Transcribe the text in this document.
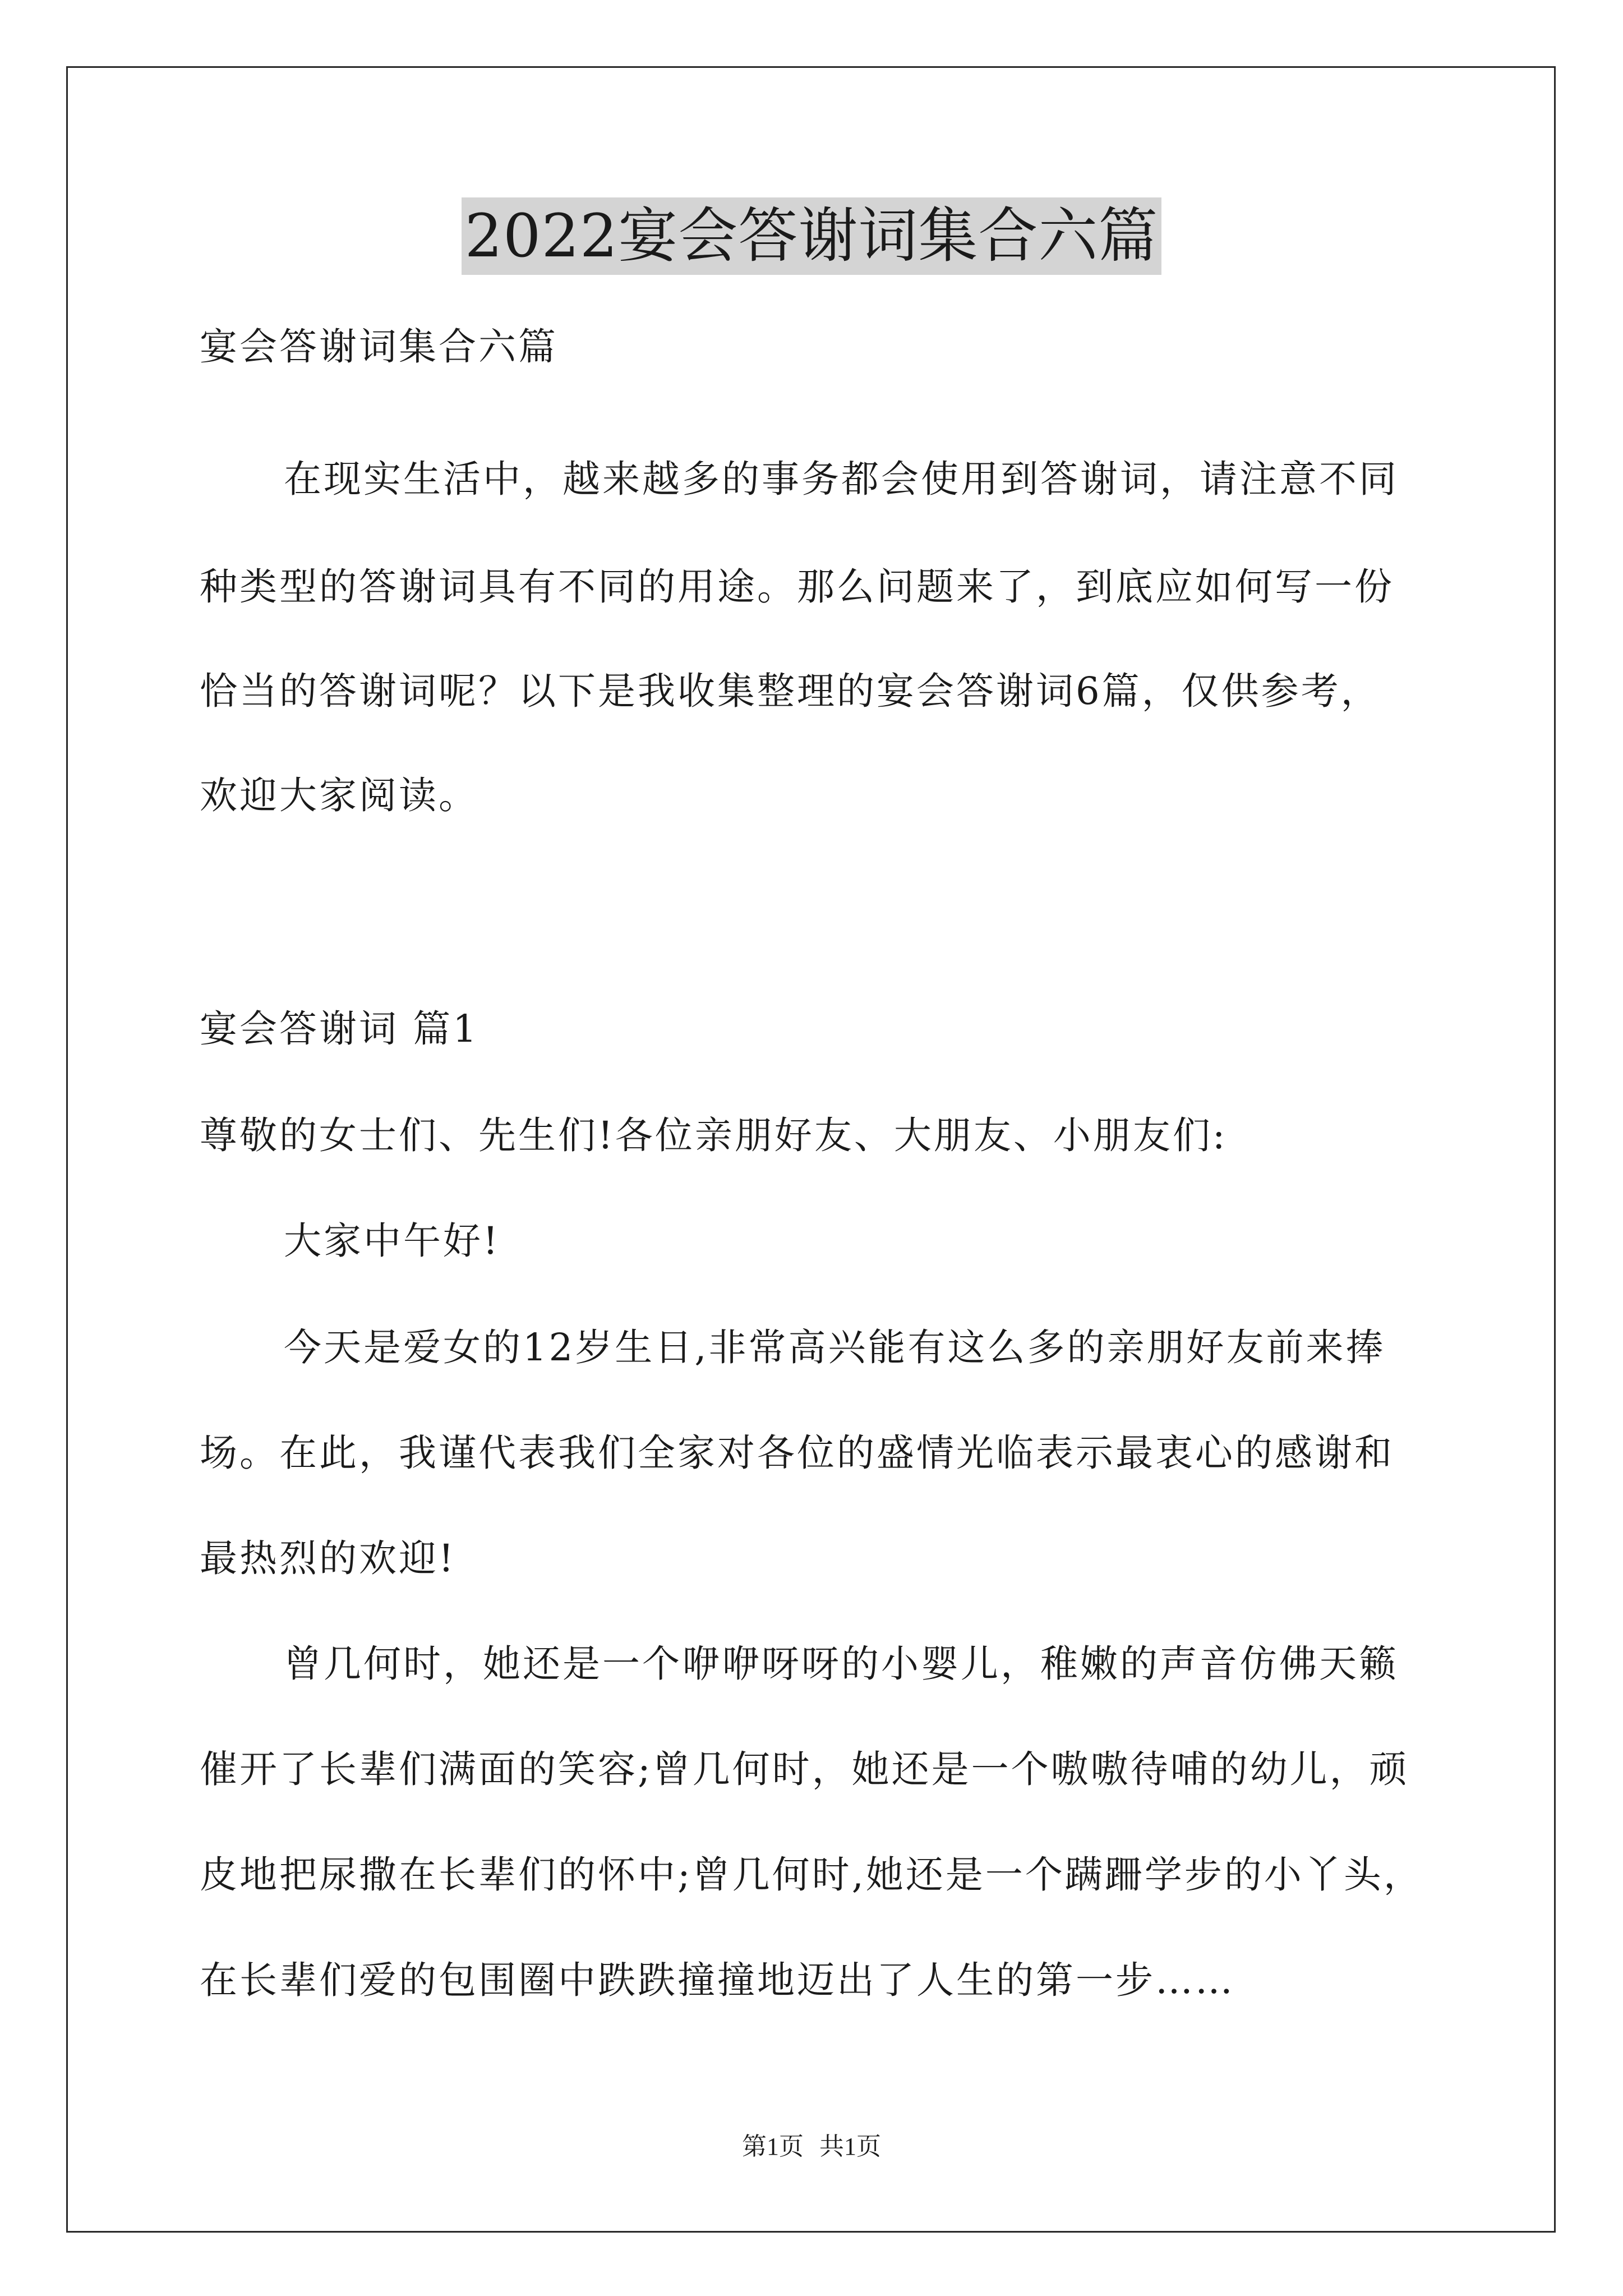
2022宴会答谢词集合六篇

宴会答谢词集合六篇

在现实生活中，越来越多的事务都会使用到答谢词，请注意不同

种类型的答谢词具有不同的用途。那么问题来了，到底应如何写一份

恰当的答谢词呢？以下是我收集整理的宴会答谢词6篇，仅供参考，

欢迎大家阅读。

宴会答谢词 篇1

尊敬的女士们、先生们!各位亲朋好友、大朋友、小朋友们:

大家中午好!

今天是爱女的12岁生日,非常高兴能有这么多的亲朋好友前来捧

场。在此，我谨代表我们全家对各位的盛情光临表示最衷心的感谢和

最热烈的欢迎!

曾几何时，她还是一个咿咿呀呀的小婴儿，稚嫩的声音仿佛天籁

催开了长辈们满面的笑容;曾几何时，她还是一个嗷嗷待哺的幼儿，顽

皮地把尿撒在长辈们的怀中;曾几何时,她还是一个蹒跚学步的小丫头，

在长辈们爱的包围圈中跌跌撞撞地迈出了人生的第一步……

第1页 共1页
